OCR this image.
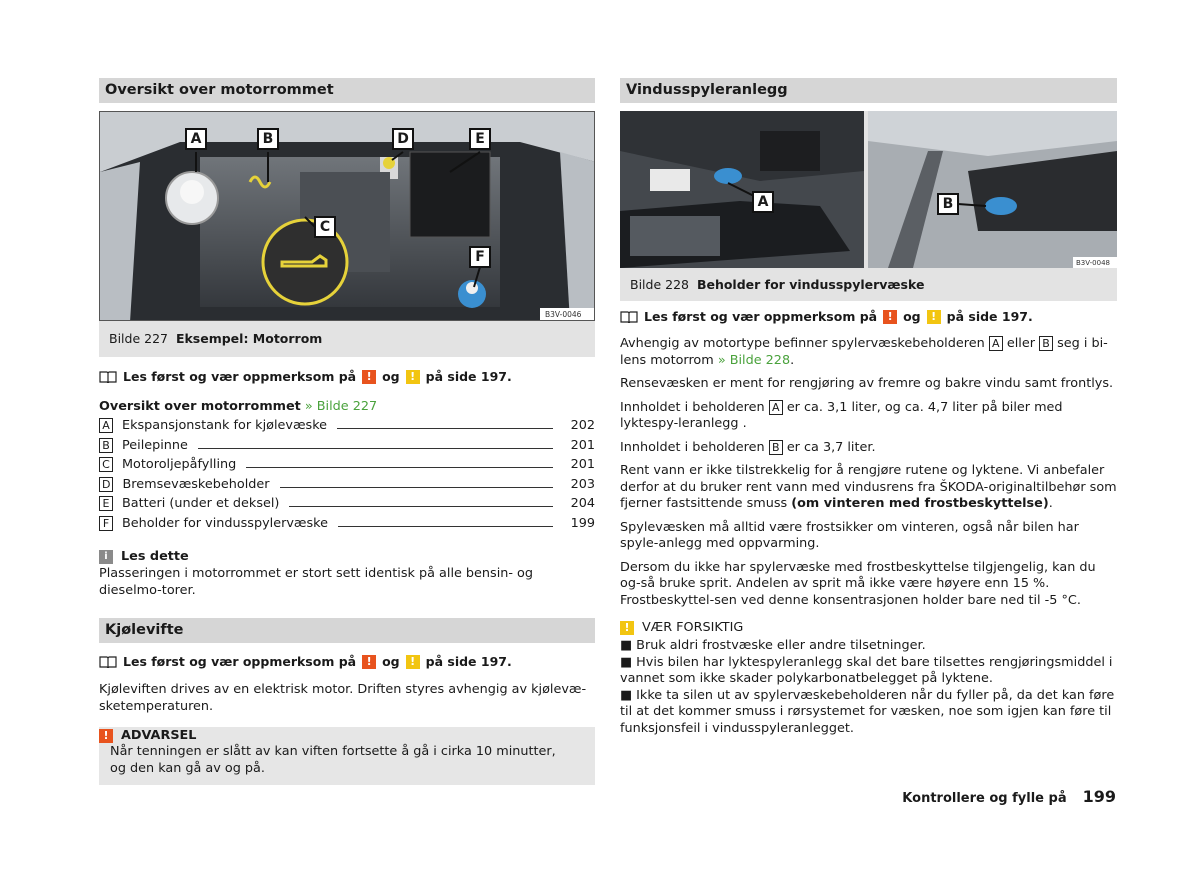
Oversikt over motorrommet
B3V-0046
A	B
C
D	E
F
Bilde 227 Eksempel: Motorrom
Les først og vær oppmerksom på ! og ! på side 197.
Oversikt over motorrommet » Bilde 227
A Ekspansjonstank for kjølevæske	202
B Peilepinne	201
C Motoroljepåfylling	201
D Bremsevæskebeholder	203
E Batteri (under et deksel)	204
F	Beholder for vindusspylervæske	199
i	Les dette

Plasseringen i motorrommet er stort sett identisk på alle bensin- og dieselmo-torer.

Kjølevifte
Les først og vær oppmerksom på ! og ! på side 197.

Kjøleviften drives av en elektrisk motor. Driften styres avhengig av kjølevæ-sketemperaturen.

! ADVARSEL

Når tenningen er slått av kan viften fortsette å gå i cirka 10 minutter, og den kan gå av og på.

Vindusspyleranlegg
A
B3V-0048
B
Bilde 228 Beholder for vindusspylervæske
Les først og vær oppmerksom på ! og ! på side 197.

Avhengig av motortype befinner spylervæskebeholderen A eller B seg i bi-lens motorrom » Bilde 228.

Rensevæsken er ment for rengjøring av fremre og bakre vindu samt frontlys.

Innholdet i beholderen A er ca. 3,1 liter, og ca. 4,7 liter på biler med lyktespy-leranlegg .

Innholdet i beholderen B er ca 3,7 liter.

Rent vann er ikke tilstrekkelig for å rengjøre rutene og lyktene. Vi anbefaler derfor at du bruker rent vann med vindusrens fra ŠKODA-originaltilbehør som fjerner fastsittende smuss (om vinteren med frostbeskyttelse).

Spylevæsken må alltid være frostsikker om vinteren, også når bilen har spyle-anlegg med oppvarming.

Dersom du ikke har spylervæske med frostbeskyttelse tilgjengelig, kan du og-så bruke sprit. Andelen av sprit må ikke være høyere enn 15 %. Frostbeskyttel-sen ved denne konsentrasjonen holder bare ned til -5 °C.

! VÆR FORSIKTIG

■ Bruk aldri frostvæske eller andre tilsetninger.

■ Hvis bilen har lyktespyleranlegg skal det bare tilsettes rengjøringsmiddel i vannet som ikke skader polykarbonatbelegget på lyktene.

■ Ikke ta silen ut av spylervæskebeholderen når du fyller på, da det kan føre til at det kommer smuss i rørsystemet for væsken, noe som igjen kan føre til funksjonsfeil i vindusspyleranlegget.

Kontrollere og fylle på 199
